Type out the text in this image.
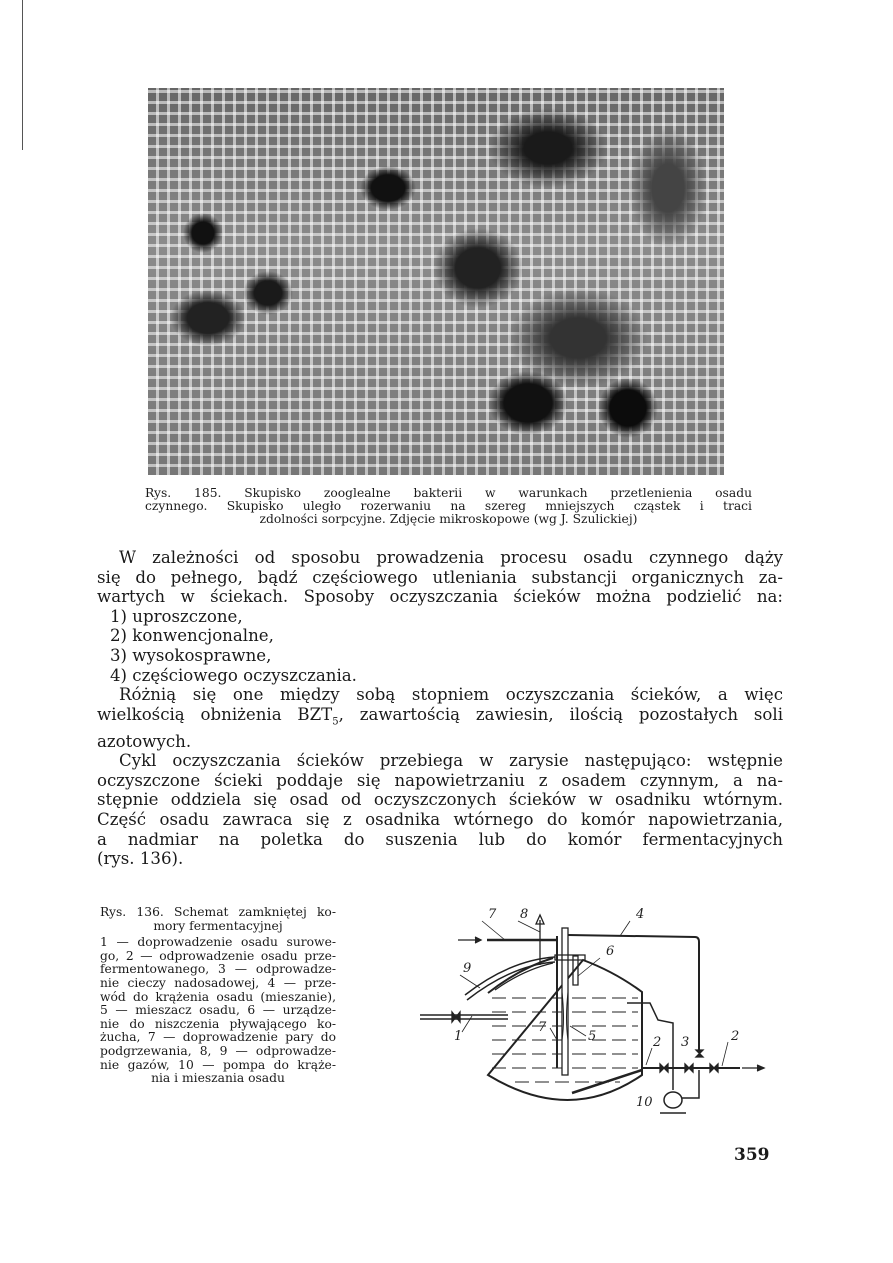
Rys. 185. Skupisko zooglealne bakterii w warunkach przetlenienia osadu
czynnego. Skupisko uległo rozerwaniu na szereg mniejszych cząstek i traci
zdolności sorpcyjne. Zdjęcie mikroskopowe (wg J. Szulickiej)
W zależności od sposobu prowadzenia procesu osadu czynnego dąży
się do pełnego, bądź częściowego utleniania substancji organicznych za-
wartych w ściekach. Sposoby oczyszczania ścieków można podzielić na:
1) uproszczone,
2) konwencjonalne,
3) wysokosprawne,
4) częściowego oczyszczania.
Różnią się one między sobą stopniem oczyszczania ścieków, a więc
wielkością obniżenia $BZT_5$, zawartością zawiesin, ilością pozostałych soli
azotowych.
Cykl oczyszczania ścieków przebiega w zarysie następująco: wstępnie
oczyszczone ścieki poddaje się napowietrzaniu z osadem czynnym, a na-
stępnie oddziela się osad od oczyszczonych ścieków w osadniku wtórnym.
Część osadu zawraca się z osadnika wtórnego do komór napowietrzania,
a nadmiar na poletka do suszenia lub do komór fermentacyjnych
(rys. 136).
Rys. 136. Schemat zamkniętej ko-
mory fermentacyjnej
1 — doprowadzenie osadu surowe-
go, 2 — odprowadzenie osadu prze-
fermentowanego, 3 — odprowadze-
nie cieczy nadosadowej, 4 — prze-
wód do krążenia osadu (mieszanie),
5 — mieszacz osadu, 6 — urządze-
nie do niszczenia pływającego ko-
żucha, 7 — doprowadzenie pary do
podgrzewania, 8, 9 — odprowadze-
nie gazów, 10 — pompa do krąże-
nia i mieszania osadu
7 8	4
6
9
1
7
5	2 3	2
10
359
